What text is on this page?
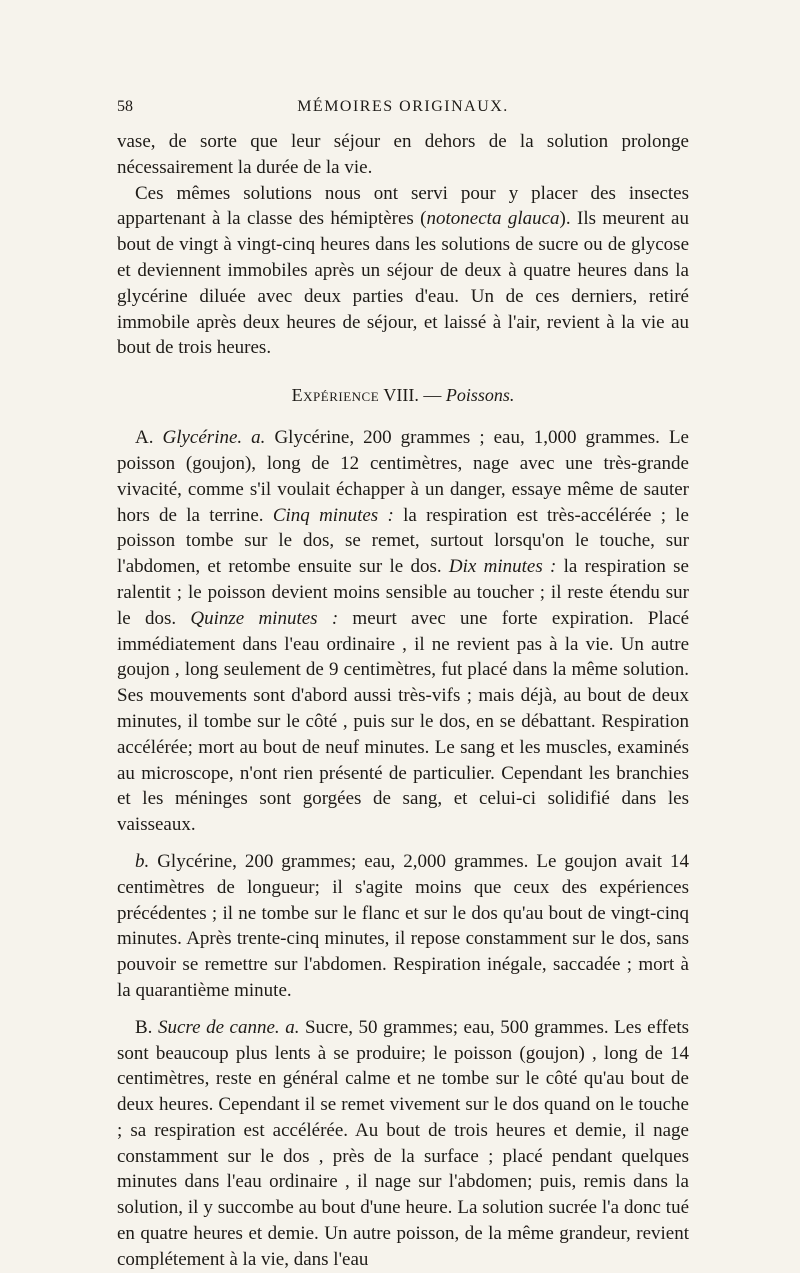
58	MÉMOIRES ORIGINAUX.

vase, de sorte que leur séjour en dehors de la solution prolonge nécessairement la durée de la vie.

Ces mêmes solutions nous ont servi pour y placer des insectes appartenant à la classe des hémiptères (notonecta glauca). Ils meurent au bout de vingt à vingt-cinq heures dans les solutions de sucre ou de glycose et deviennent immobiles après un séjour de deux à quatre heures dans la glycérine diluée avec deux parties d'eau. Un de ces derniers, retiré immobile après deux heures de séjour, et laissé à l'air, revient à la vie au bout de trois heures.

Expérience VIII. — Poissons.

A. Glycérine. a. Glycérine, 200 grammes ; eau, 1,000 grammes. Le poisson (goujon), long de 12 centimètres, nage avec une très-grande vivacité, comme s'il voulait échapper à un danger, essaye même de sauter hors de la terrine. Cinq minutes : la respiration est très-accélérée ; le poisson tombe sur le dos, se remet, surtout lorsqu'on le touche, sur l'abdomen, et retombe ensuite sur le dos. Dix minutes : la respiration se ralentit ; le poisson devient moins sensible au toucher ; il reste étendu sur le dos. Quinze minutes : meurt avec une forte expiration. Placé immédiatement dans l'eau ordinaire , il ne revient pas à la vie. Un autre goujon , long seulement de 9 centimètres, fut placé dans la même solution. Ses mouvements sont d'abord aussi très-vifs ; mais déjà, au bout de deux minutes, il tombe sur le côté , puis sur le dos, en se débattant. Respiration accélérée; mort au bout de neuf minutes. Le sang et les muscles, examinés au microscope, n'ont rien présenté de particulier. Cependant les branchies et les méninges sont gorgées de sang, et celui-ci solidifié dans les vaisseaux.

b. Glycérine, 200 grammes; eau, 2,000 grammes. Le goujon avait 14 centimètres de longueur; il s'agite moins que ceux des expériences précédentes ; il ne tombe sur le flanc et sur le dos qu'au bout de vingt-cinq minutes. Après trente-cinq minutes, il repose constamment sur le dos, sans pouvoir se remettre sur l'abdomen. Respiration inégale, saccadée ; mort à la quarantième minute.

B. Sucre de canne. a. Sucre, 50 grammes; eau, 500 grammes. Les effets sont beaucoup plus lents à se produire; le poisson (goujon) , long de 14 centimètres, reste en général calme et ne tombe sur le côté qu'au bout de deux heures. Cependant il se remet vivement sur le dos quand on le touche ; sa respiration est accélérée. Au bout de trois heures et demie, il nage constamment sur le dos , près de la surface ; placé pendant quelques minutes dans l'eau ordinaire , il nage sur l'abdomen; puis, remis dans la solution, il y succombe au bout d'une heure. La solution sucrée l'a donc tué en quatre heures et demie. Un autre poisson, de la même grandeur, revient complétement à la vie, dans l'eau
